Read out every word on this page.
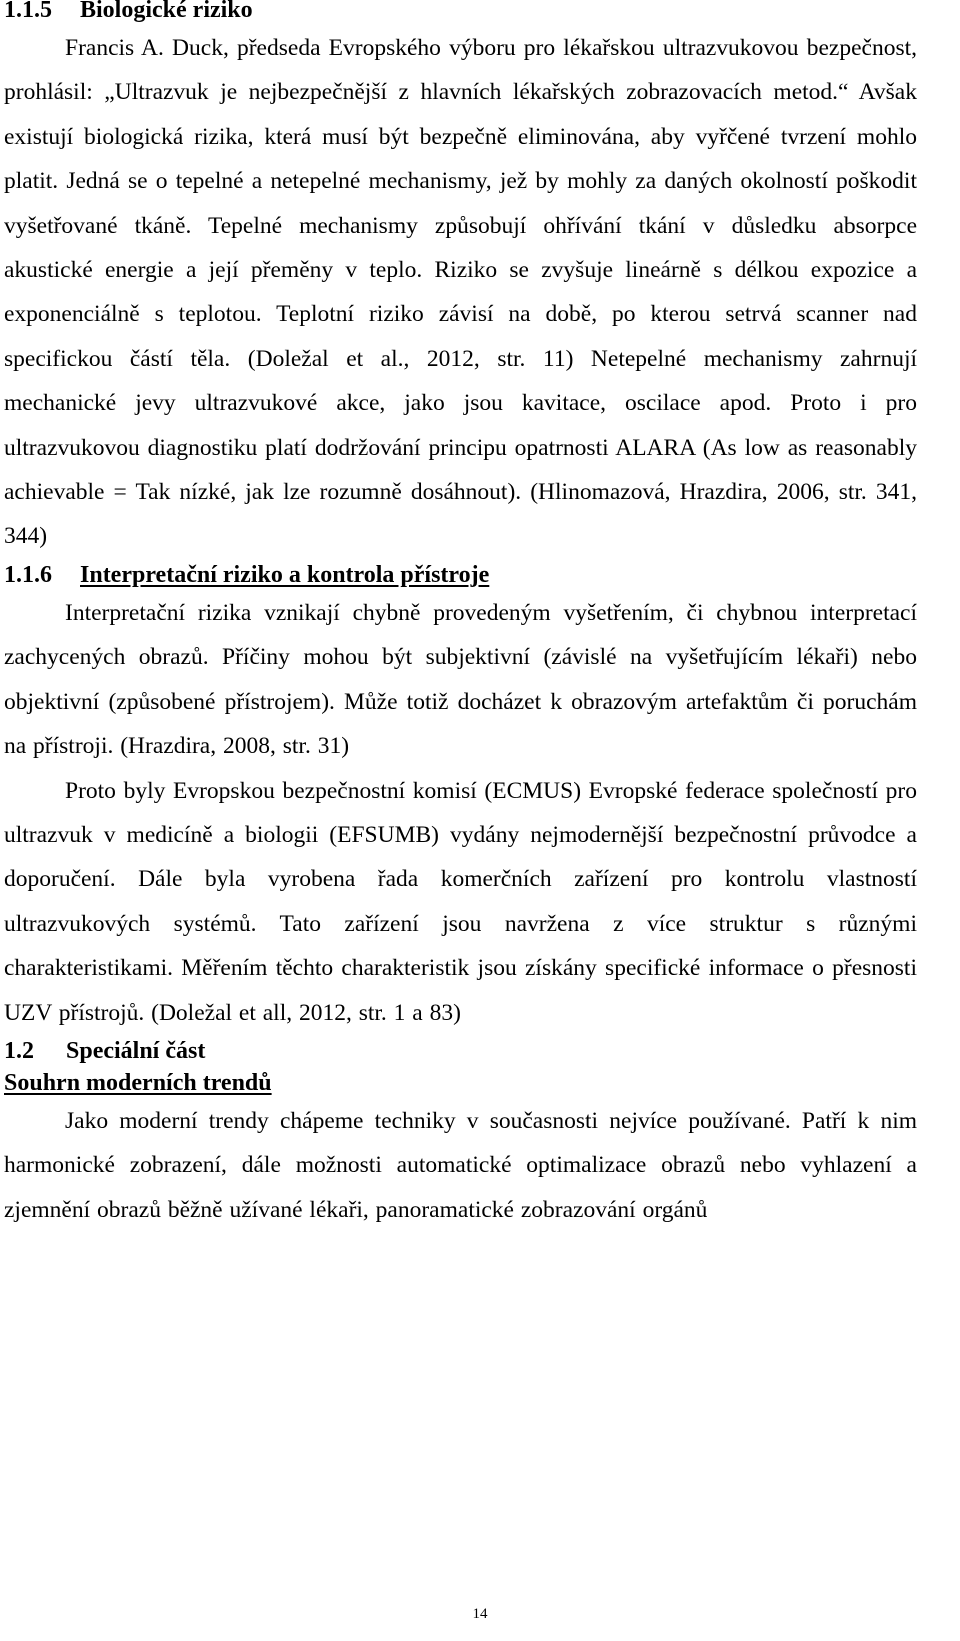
1.1.5	Biologické riziko

Francis A. Duck, předseda Evropského výboru pro lékařskou ultrazvukovou bezpečnost, prohlásil: „Ultrazvuk je nejbezpečnější z hlavních lékařských zobrazovacích metod.“ Avšak existují biologická rizika, která musí být bezpečně eliminována, aby vyřčené tvrzení mohlo platit. Jedná se o tepelné a netepelné mechanismy, jež by mohly za daných okolností poškodit vyšetřované tkáně. Tepelné mechanismy způsobují ohřívání tkání v důsledku absorpce akustické energie a její přeměny v teplo. Riziko se zvyšuje lineárně s délkou expozice a exponenciálně s teplotou. Teplotní riziko závisí na době, po kterou setrvá scanner nad specifickou částí těla. (Doležal et al., 2012, str. 11) Netepelné mechanismy zahrnují mechanické jevy ultrazvukové akce, jako jsou kavitace, oscilace apod. Proto i pro ultrazvukovou diagnostiku platí dodržování principu opatrnosti ALARA (As low as reasonably achievable = Tak nízké, jak lze rozumně dosáhnout). (Hlinomazová, Hrazdira, 2006, str. 341, 344)

1.1.6	Interpretační riziko a kontrola přístroje

Interpretační rizika vznikají chybně provedeným vyšetřením, či chybnou interpretací zachycených obrazů. Příčiny mohou být subjektivní (závislé na vyšetřujícím lékaři) nebo objektivní (způsobené přístrojem). Může totiž docházet k obrazovým artefaktům či poruchám na přístroji. (Hrazdira, 2008, str. 31)

Proto byly Evropskou bezpečnostní komisí (ECMUS) Evropské federace společností pro ultrazvuk v medicíně a biologii (EFSUMB) vydány nejmodernější bezpečnostní průvodce a doporučení. Dále byla vyrobena řada komerčních zařízení pro kontrolu vlastností ultrazvukových systémů. Tato zařízení jsou navržena z více struktur s různými charakteristikami. Měřením těchto charakteristik jsou získány specifické informace o přesnosti UZV přístrojů. (Doležal et all, 2012, str. 1 a 83)

1.2	Speciální část
Souhrn moderních trendů

Jako moderní trendy chápeme techniky v současnosti nejvíce používané. Patří k nim harmonické zobrazení, dále možnosti automatické optimalizace obrazů nebo vyhlazení a zjemnění obrazů běžně užívané lékaři, panoramatické zobrazování orgánů

14
